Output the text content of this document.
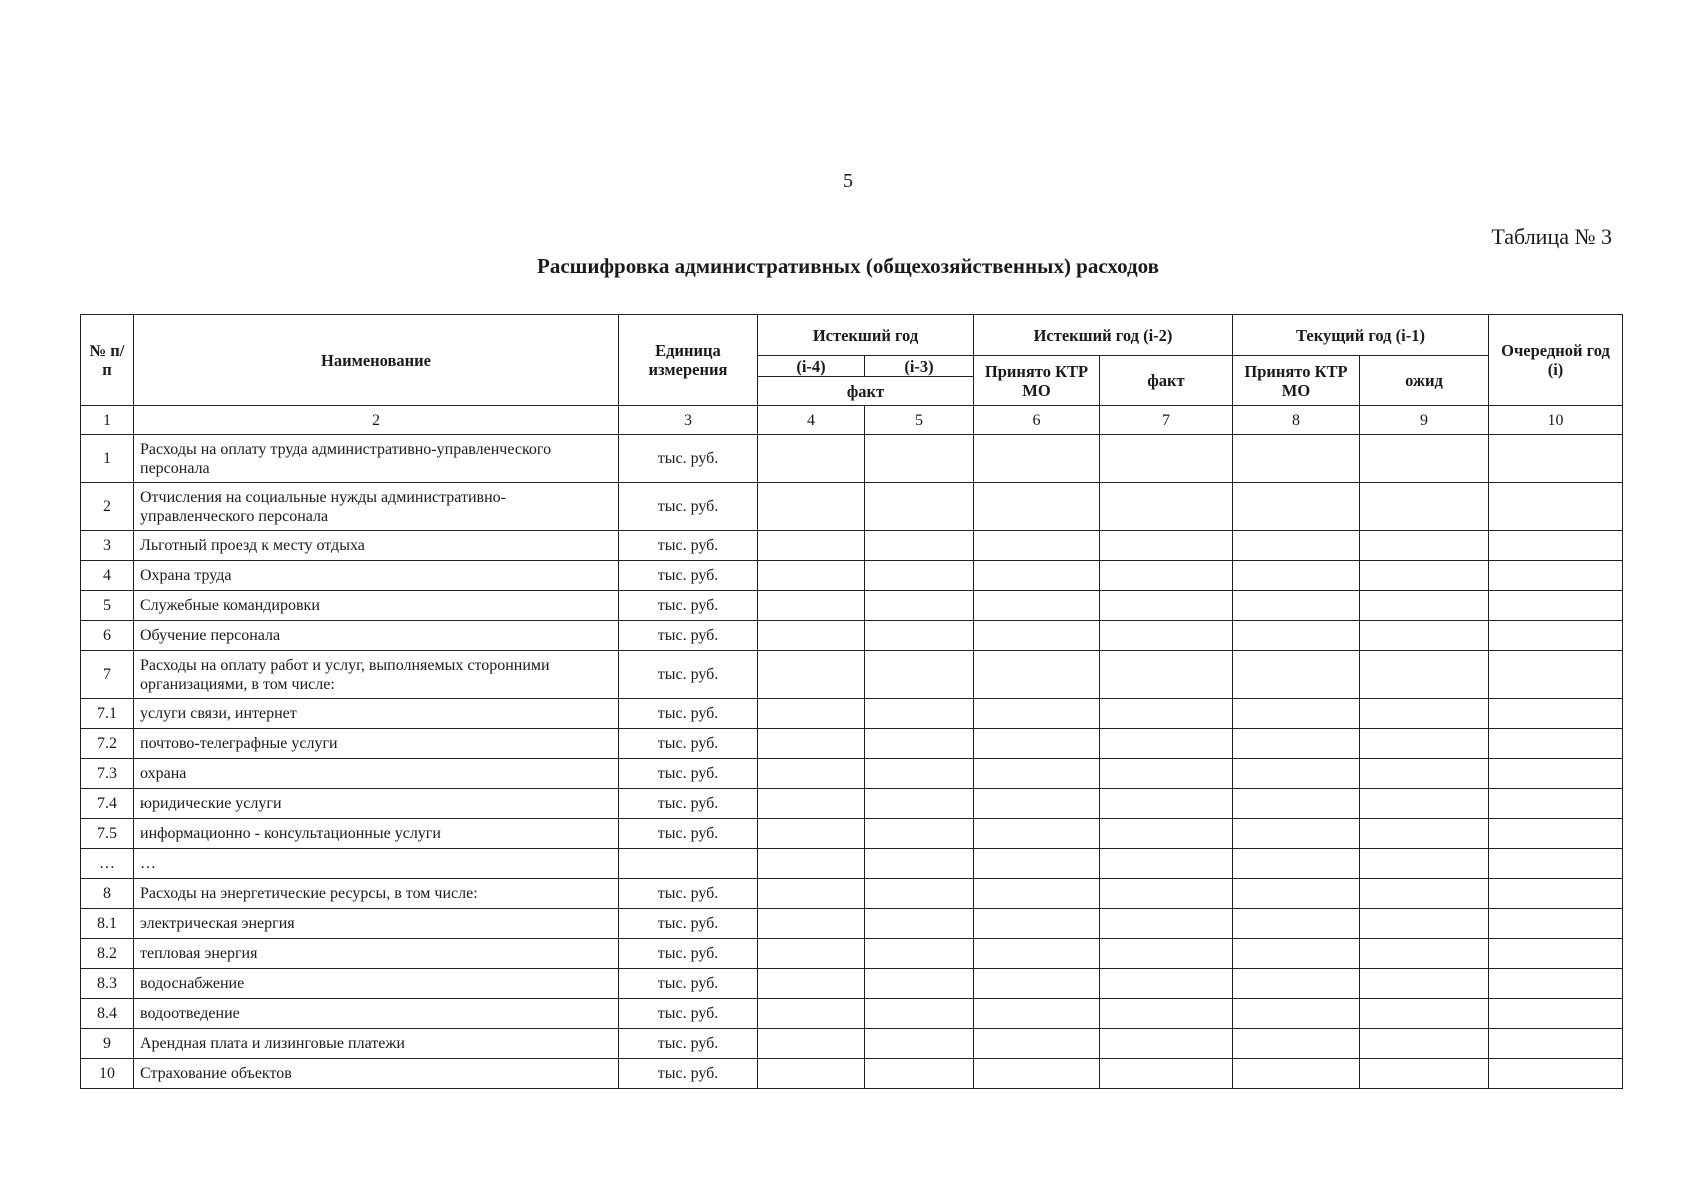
5
Таблица № 3
Расшифровка административных (общехозяйственных) расходов
№ п/п	Наименование	Единица измерения	Истекший год		Истекший год (i-2)		Текущий год (i-1)		Очередной год (i)
			(i-4)	(i-3)	Принято КТР МО	факт	Принято КТР МО	ожид	
			факт						
1	2	3	4	5	6	7	8	9	10
1	Расходы на оплату труда административно-управленческого персонала	тыс. руб.							
2	Отчисления на социальные нужды административно-управленческого персонала	тыс. руб.							
3	Льготный проезд к месту отдыха	тыс. руб.							
4	Охрана труда	тыс. руб.							
5	Служебные командировки	тыс. руб.							
6	Обучение персонала	тыс. руб.							
7	Расходы на оплату работ и услуг, выполняемых сторонними организациями, в том числе:	тыс. руб.							
7.1	услуги связи, интернет	тыс. руб.							
7.2	почтово-телеграфные услуги	тыс. руб.							
7.3	охрана	тыс. руб.							
7.4	юридические услуги	тыс. руб.							
7.5	информационно - консультационные услуги	тыс. руб.							
…	…								
8	Расходы на энергетические ресурсы, в том числе:	тыс. руб.							
8.1	электрическая энергия	тыс. руб.							
8.2	тепловая энергия	тыс. руб.							
8.3	водоснабжение	тыс. руб.							
8.4	водоотведение	тыс. руб.							
9	Арендная плата и лизинговые платежи	тыс. руб.							
10	Страхование объектов	тыс. руб.							
